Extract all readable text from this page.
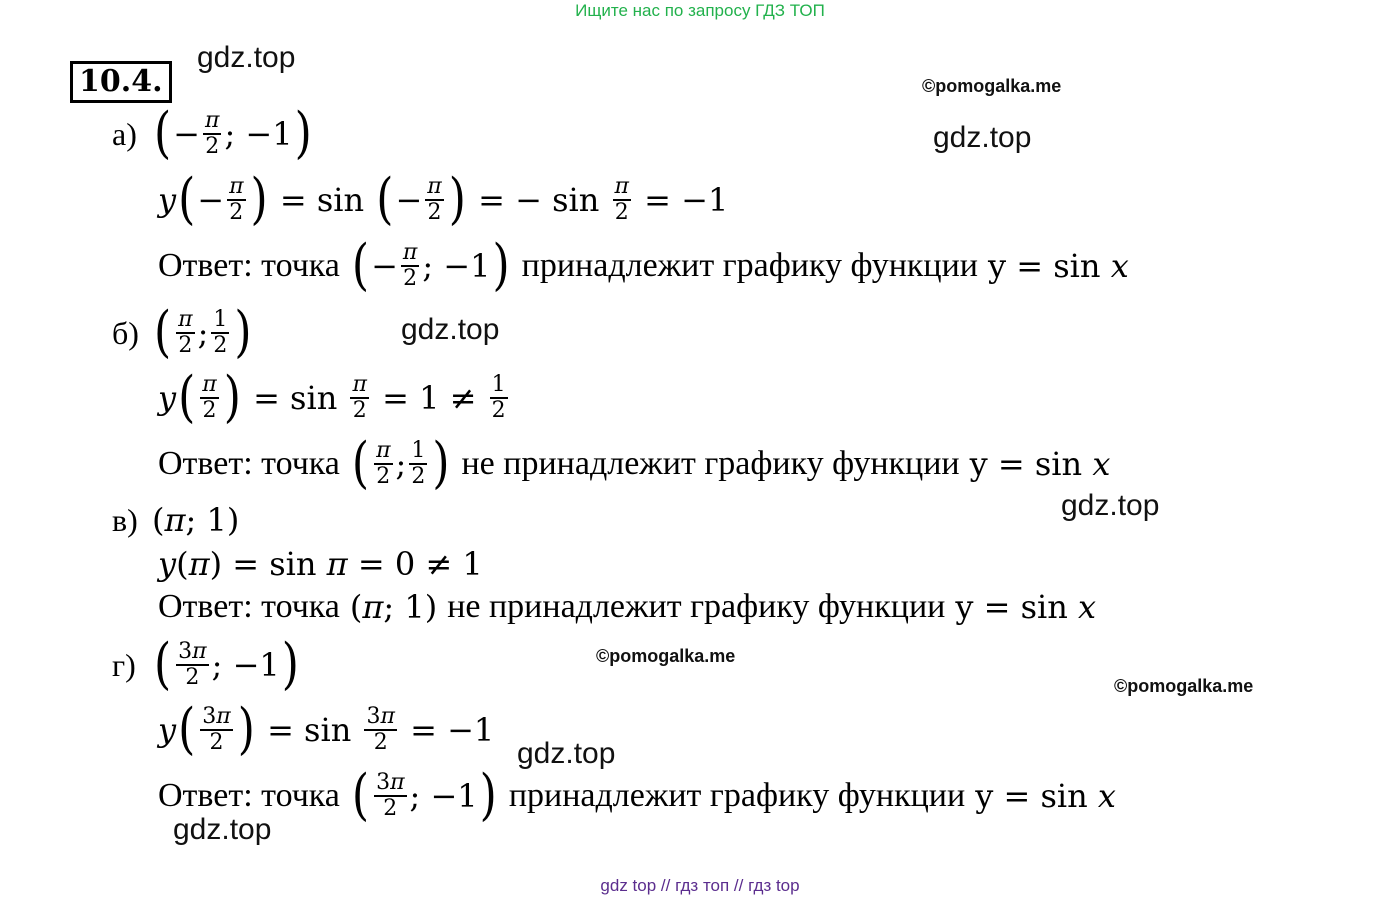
Ищите нас по запросу ГДЗ ТОП
10.4.
gdz.top
gdz.top
gdz.top
gdz.top
gdz.top
gdz.top
©pomogalka.me
©pomogalka.me
©pomogalka.me
а) ( − $\frac{\pi}{2}$ ; −1 )
y ( − $\frac{\pi}{2}$ ) = sin ( − $\frac{\pi}{2}$ ) = − $\sin \frac{\pi}{2} = -1$
Ответ: точка ( − $\frac{\pi}{2}$ ; −1 ) принадлежит графику функции y = sin x
б) ( $\frac{\pi}{2}$ ; $\frac{1}{2}$ )
y ( $\frac{\pi}{2}$ ) = $\sin \frac{\pi}{2} = 1 \ne \frac{1}{2}$
Ответ: точка ( $\frac{\pi}{2}$ ; $\frac{1}{2}$ ) не принадлежит графику функции y = sin x
в) (π; 1)
y(π) = sin π = 0 ≠ 1
Ответ: точка (π; 1) не принадлежит графику функции y = sin x
г) ( $\frac{3\pi}{2}$ ; −1 )
y ( $\frac{3\pi}{2}$ ) = $\sin \frac{3\pi}{2} = -1$
Ответ: точка ( $\frac{3\pi}{2}$ ; −1 ) принадлежит графику функции y = sin x
gdz top // гдз топ // гдз top
